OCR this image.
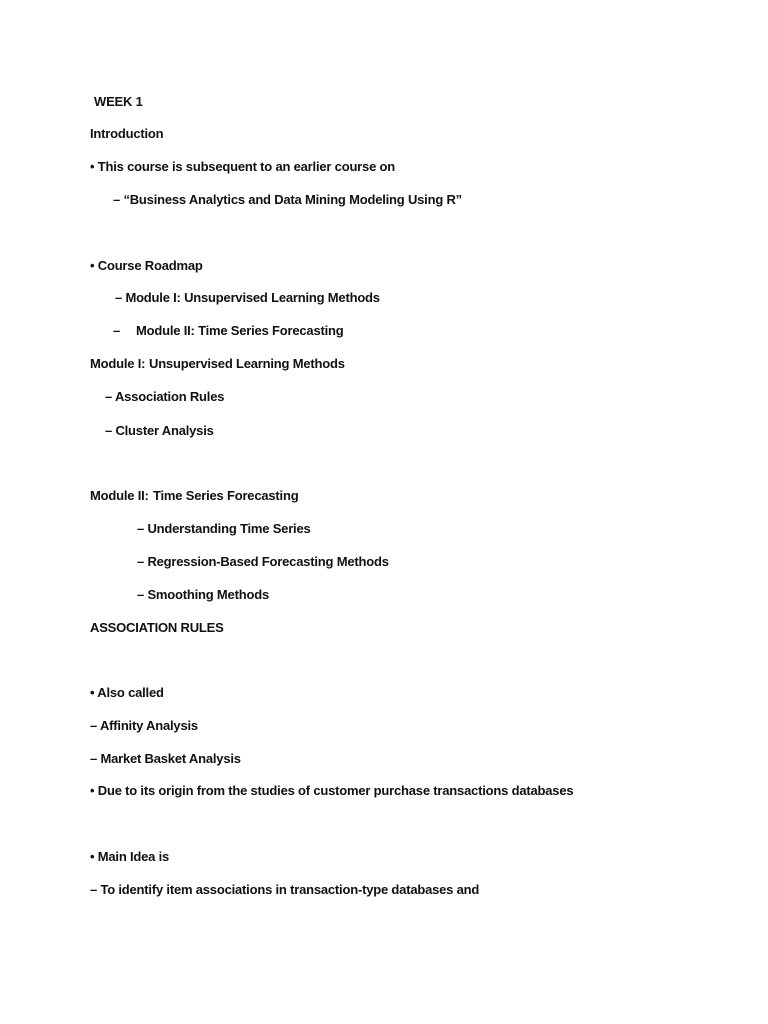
WEEK 1
Introduction
• This course is subsequent to an earlier course on
– “Business Analytics and Data Mining Modeling Using R”
• Course Roadmap
– Module I: Unsupervised Learning Methods
– Module II: Time Series Forecasting
Module I: Unsupervised Learning Methods
– Association Rules
– Cluster Analysis
Module II: Time Series Forecasting
– Understanding Time Series
– Regression-Based Forecasting Methods
– Smoothing Methods
ASSOCIATION RULES
• Also called
– Affinity Analysis
– Market Basket Analysis
• Due to its origin from the studies of customer purchase transactions databases
• Main Idea is
– To identify item associations in transaction-type databases and
